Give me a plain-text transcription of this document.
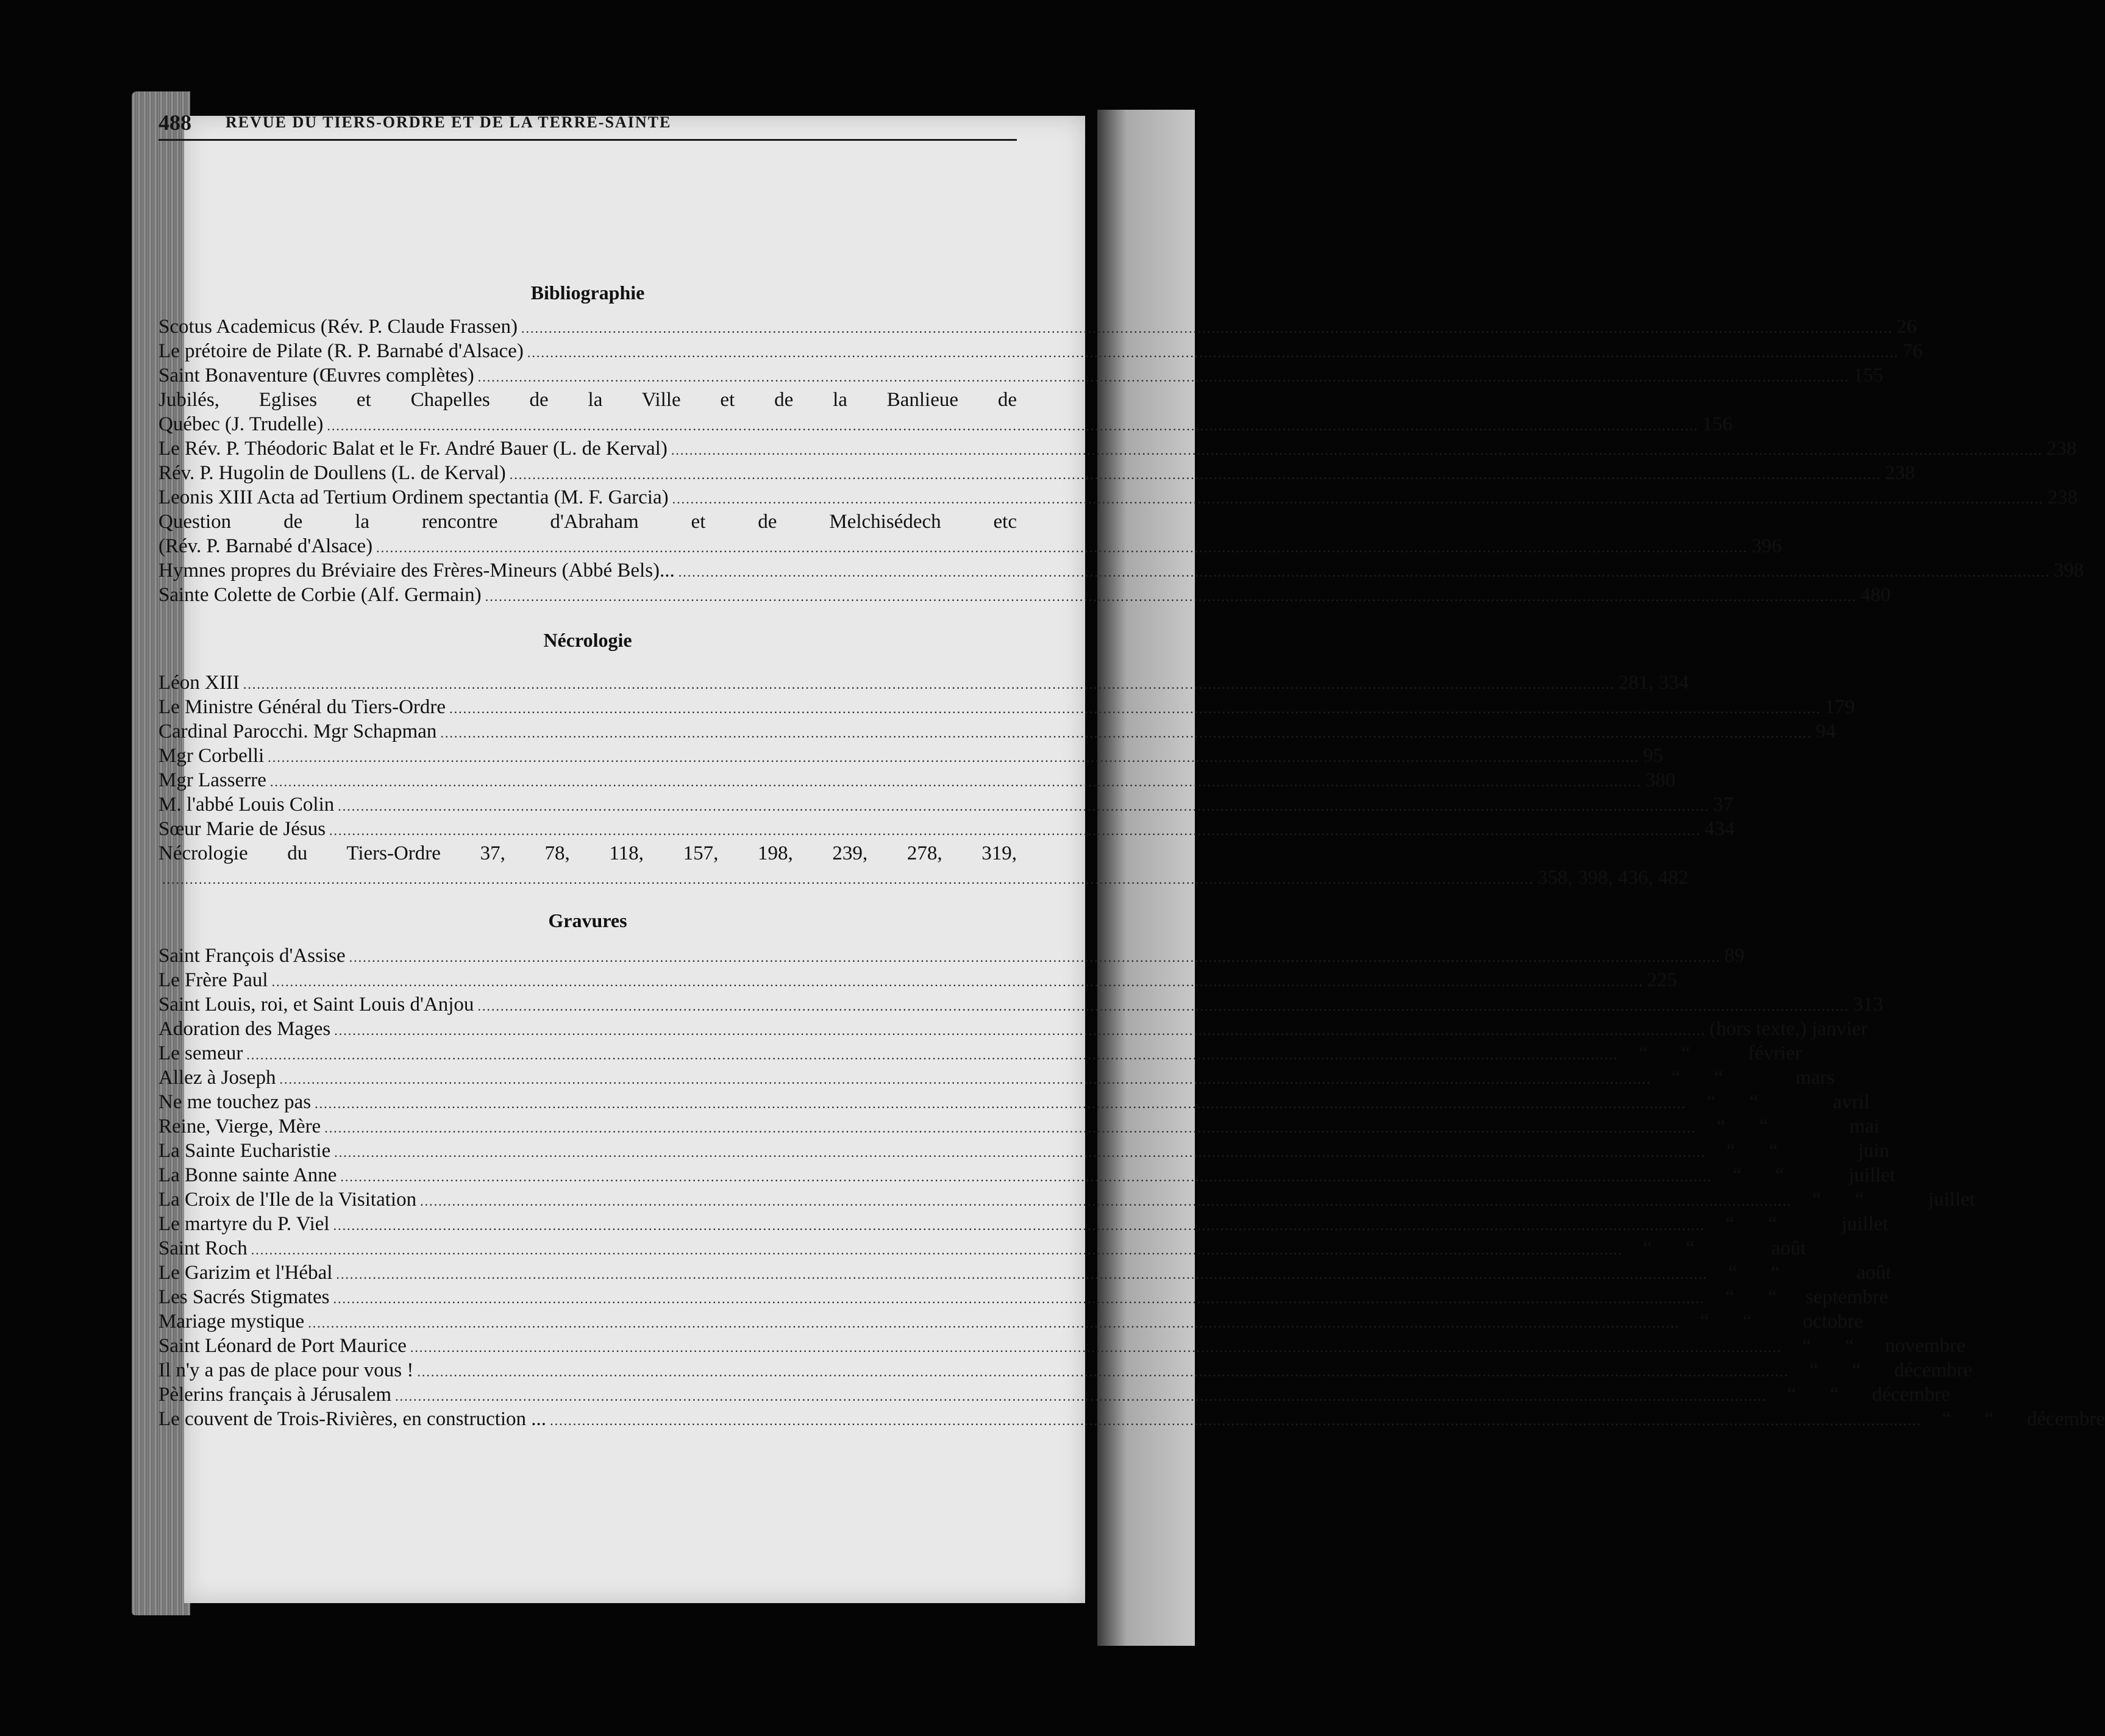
488 REVUE DU TIERS-ORDRE ET DE LA TERRE-SAINTE
Bibliographie
Scotus Academicus (Rév. P. Claude Frassen) ............................................................................................................................................................................................................................................................................................................ 26
Le prétoire de Pilate (R. P. Barnabé d'Alsace) ............................................................................................................................................................................................................................................................................................................ 76
Saint Bonaventure (Œuvres complètes) ............................................................................................................................................................................................................................................................................................................ 155
Jubilés, Eglises et Chapelles de la Ville et de la Banlieue de
Québec (J. Trudelle) ............................................................................................................................................................................................................................................................................................................ 156
Le Rév. P. Théodoric Balat et le Fr. André Bauer (L. de Kerval) ............................................................................................................................................................................................................................................................................................................ 238
Rév. P. Hugolin de Doullens (L. de Kerval) ............................................................................................................................................................................................................................................................................................................ 238
Leonis XIII Acta ad Tertium Ordinem spectantia (M. F. Garcia) ............................................................................................................................................................................................................................................................................................................ 238
Question de la rencontre d'Abraham et de Melchisédech etc
(Rév. P. Barnabé d'Alsace) ............................................................................................................................................................................................................................................................................................................ 396
Hymnes propres du Bréviaire des Frères-Mineurs (Abbé Bels)... ............................................................................................................................................................................................................................................................................................................ 398
Sainte Colette de Corbie (Alf. Germain) ............................................................................................................................................................................................................................................................................................................ 480
Nécrologie
Léon XIII ............................................................................................................................................................................................................................................................................................................ 281, 334
Le Ministre Général du Tiers-Ordre ............................................................................................................................................................................................................................................................................................................ 179
Cardinal Parocchi. Mgr Schapman ............................................................................................................................................................................................................................................................................................................ 94
Mgr Corbelli ............................................................................................................................................................................................................................................................................................................ 95
Mgr Lasserre ............................................................................................................................................................................................................................................................................................................ 380
M. l'abbé Louis Colin ............................................................................................................................................................................................................................................................................................................ 37
Sœur Marie de Jésus ............................................................................................................................................................................................................................................................................................................ 434
Nécrologie du Tiers-Ordre 37, 78, 118, 157, 198, 239, 278, 319,
............................................................................................................................................................................................................................................................................................................ 358, 398, 436, 482
Gravures
Saint François d'Assise ............................................................................................................................................................................................................................................................................................................ 89
Le Frère Paul ............................................................................................................................................................................................................................................................................................................ 225
Saint Louis, roi, et Saint Louis d'Anjou ............................................................................................................................................................................................................................................................................................................ 313
Adoration des Mages ............................................................................................................................................................................................................................................................................................................ (hors texte,) janvier
Le semeur ............................................................................................................................................................................................................................................................................................................	“	“	février
Allez à Joseph ............................................................................................................................................................................................................................................................................................................	“	“	mars
Ne me touchez pas ............................................................................................................................................................................................................................................................................................................	“	“	avril
Reine, Vierge, Mère ............................................................................................................................................................................................................................................................................................................	“	“	mai
La Sainte Eucharistie ............................................................................................................................................................................................................................................................................................................	“	“	juin
La Bonne sainte Anne ............................................................................................................................................................................................................................................................................................................	“	“	juillet
La Croix de l'Ile de la Visitation ............................................................................................................................................................................................................................................................................................................	“	“	juillet
Le martyre du P. Viel ............................................................................................................................................................................................................................................................................................................	“	“	juillet
Saint Roch ............................................................................................................................................................................................................................................................................................................	“	“	août
Le Garizim et l'Hébal ............................................................................................................................................................................................................................................................................................................	“	“	août
Les Sacrés Stigmates ............................................................................................................................................................................................................................................................................................................	“	“	septembre
Mariage mystique ............................................................................................................................................................................................................................................................................................................	“	“	octobre
Saint Léonard de Port Maurice ............................................................................................................................................................................................................................................................................................................	“	“	novembre
Il n'y a pas de place pour vous ! ............................................................................................................................................................................................................................................................................................................	“	“	décembre
Pèlerins français à Jérusalem ............................................................................................................................................................................................................................................................................................................	“	“	décembre
Le couvent de Trois-Rivières, en construction ... ............................................................................................................................................................................................................................................................................................................	“	“	décembre
